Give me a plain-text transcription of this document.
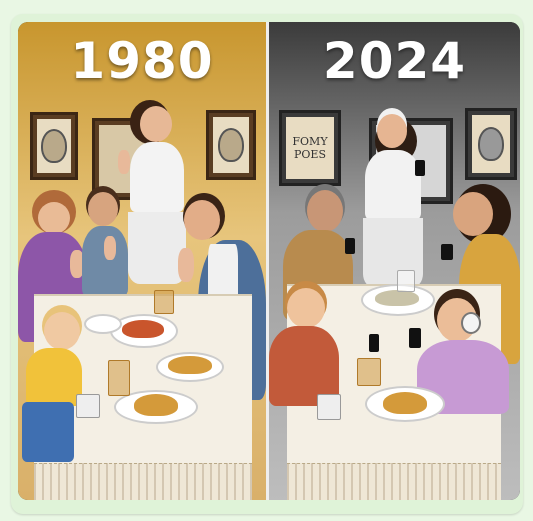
1980	2024
FOMY
POES
